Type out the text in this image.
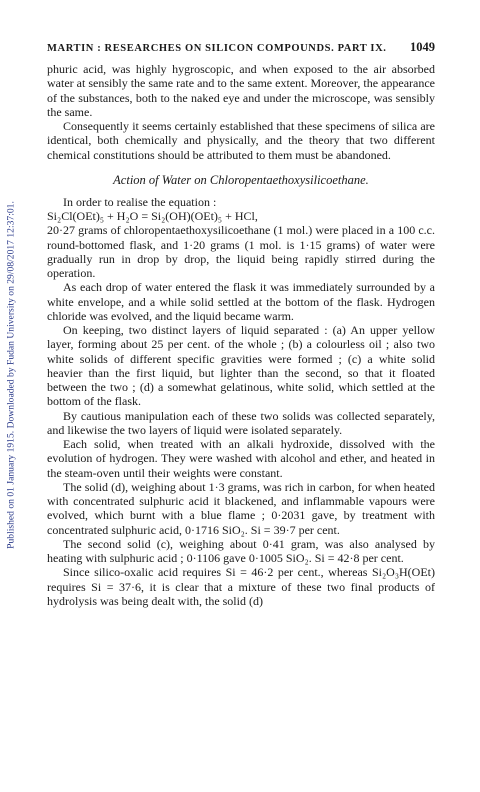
Published on 01 January 1915. Downloaded by Fudan University on 29/08/2017 12:37:01.
MARTIN : RESEARCHES ON SILICON COMPOUNDS. PART IX. 1049

phuric acid, was highly hygroscopic, and when exposed to the air absorbed water at sensibly the same rate and to the same extent. Moreover, the appearance of the substances, both to the naked eye and under the microscope, was sensibly the same.

Consequently it seems certainly established that these specimens of silica are identical, both chemically and physically, and the theory that two different chemical constitutions should be attributed to them must be abandoned.

Action of Water on Chloropentaethoxysilicoethane.

In order to realise the equation :

Si₂Cl(OEt)₅ + H₂O = Si₂(OH)(OEt)₅ + HCl,

20·27 grams of chloropentaethoxysilicoethane (1 mol.) were placed in a 100 c.c. round-bottomed flask, and 1·20 grams (1 mol. is 1·15 grams) of water were gradually run in drop by drop, the liquid being rapidly stirred during the operation.

As each drop of water entered the flask it was immediately surrounded by a white envelope, and a while solid settled at the bottom of the flask. Hydrogen chloride was evolved, and the liquid became warm.

On keeping, two distinct layers of liquid separated : (a) An upper yellow layer, forming about 25 per cent. of the whole ; (b) a colourless oil ; also two white solids of different specific gravities were formed ; (c) a white solid heavier than the first liquid, but lighter than the second, so that it floated between the two ; (d) a somewhat gelatinous, white solid, which settled at the bottom of the flask.

By cautious manipulation each of these two solids was collected separately, and likewise the two layers of liquid were isolated separately.

Each solid, when treated with an alkali hydroxide, dissolved with the evolution of hydrogen. They were washed with alcohol and ether, and heated in the steam-oven until their weights were constant.

The solid (d), weighing about 1·3 grams, was rich in carbon, for when heated with concentrated sulphuric acid it blackened, and inflammable vapours were evolved, which burnt with a blue flame ; 0·2031 gave, by treatment with concentrated sulphuric acid, 0·1716 SiO₂. Si = 39·7 per cent.

The second solid (c), weighing about 0·41 gram, was also analysed by heating with sulphuric acid ; 0·1106 gave 0·1005 SiO₂. Si = 42·8 per cent.

Since silico-oxalic acid requires Si = 46·2 per cent., whereas Si₂O₃H(OEt) requires Si = 37·6, it is clear that a mixture of these two final products of hydrolysis was being dealt with, the solid (d)
